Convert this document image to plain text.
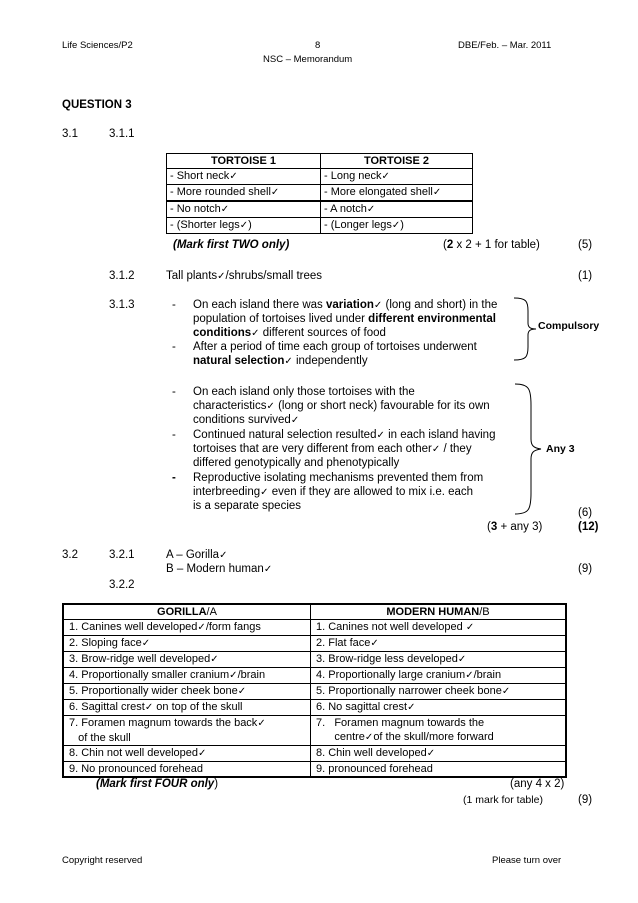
Life Sciences/P2	8	DBE/Feb. – Mar. 2011
NSC – Memorandum
QUESTION 3
3.1	3.1.1
TORTOISE 1	TORTOISE 2
- Short neck✓	- Long neck✓
- More rounded shell✓	- More elongated shell✓
- No notch✓	- A notch✓
- (Shorter legs✓)	- (Longer legs✓)
(Mark first TWO only)	(2 x 2 + 1 for table)	(5)
3.1.2	Tall plants✓/shrubs/small trees	(1)
3.1.3	- On each island there was variation✓ (long and short) in the
population of tortoises lived under different environmental
conditions✓ different sources of food
- After a period of time each group of tortoises underwent
natural selection✓ independently
Compulsory
- On each island only those tortoises with the
characteristics✓ (long or short neck) favourable for its own
conditions survived✓
- Continued natural selection resulted✓ in each island having
tortoises that are very different from each other✓ / they
differed genotypically and phenotypically
- Reproductive isolating mechanisms prevented them from
interbreeding✓ even if they are allowed to mix i.e. each
is a separate species
Any 3
(6)
(3 + any 3)	(12)
3.2	3.2.1	A – Gorilla✓
B – Modern human✓	(9)
3.2.2
GORILLA/A	MODERN HUMAN/B
1. Canines well developed✓/form fangs	1. Canines not well developed ✓
2. Sloping face✓	2. Flat face✓
3. Brow-ridge well developed✓	3. Brow-ridge less developed✓
4. Proportionally smaller cranium✓/brain	4. Proportionally large cranium✓/brain
5. Proportionally wider cheek bone✓	5. Proportionally narrower cheek bone✓
6. Sagittal crest✓ on top of the skull	6. No sagittal crest✓
7. Foramen magnum towards the back✓
of the skull	7.   Foramen magnum towards the
centre✓of the skull/more forward
8. Chin not well developed✓	8. Chin well developed✓
9. No pronounced forehead	9. pronounced forehead
(Mark first FOUR only)	(any 4 x 2)
(1 mark for table)	(9)
Copyright reserved	Please turn over
